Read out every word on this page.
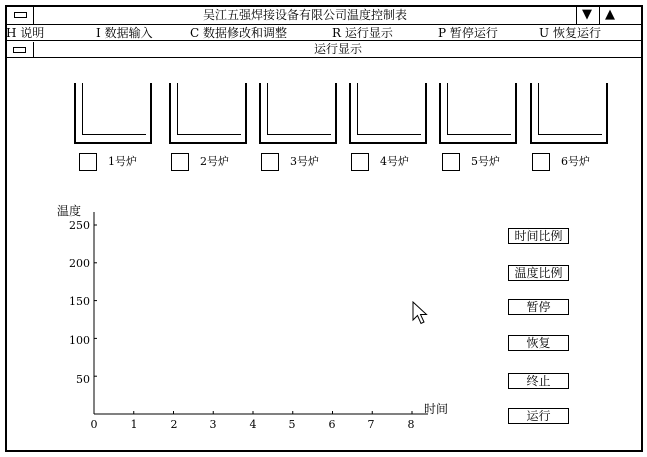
吴江五强焊接设备有限公司温度控制表	▼	▲
H 说明	I 数据输入	C 数据修改和调整	R 运行显示	P 暂停运行	U 恢复运行
运行显示
1号炉	2号炉	3号炉	4号炉	5号炉	6号炉
温度
时间
250
200
150
100
50
0	1	2	3	4	5	6	7	8
时间比例
温度比例
暂停
恢复
终止
运行
